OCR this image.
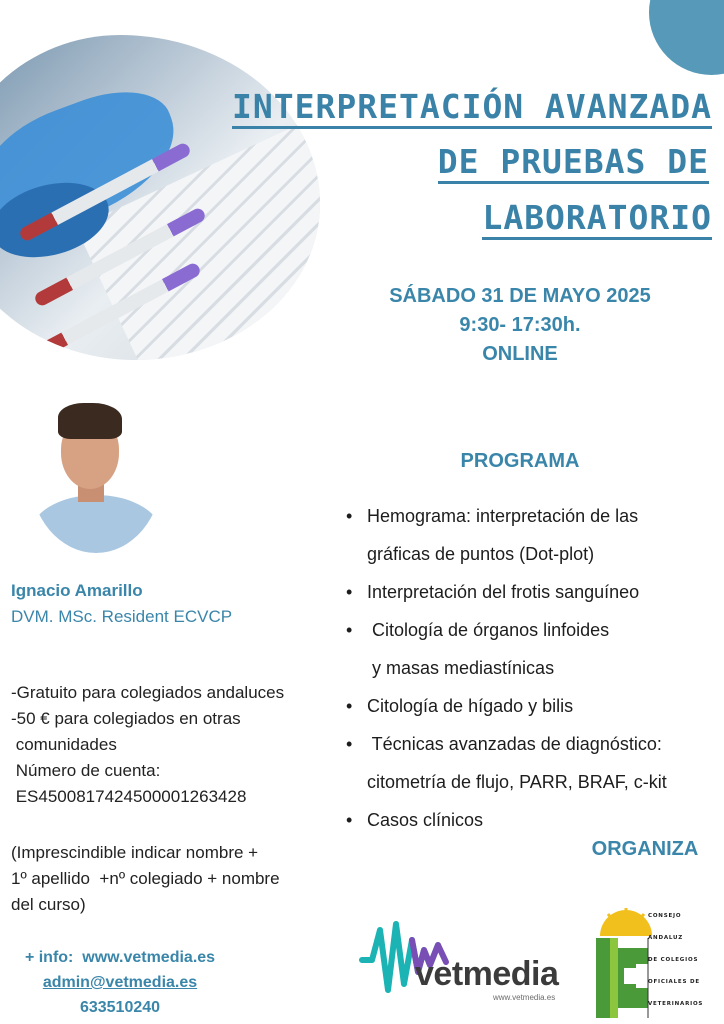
INTERPRETACIÓN AVANZADA
DE PRUEBAS DE
LABORATORIO
SÁBADO 31 DE MAYO 2025
9:30- 17:30h.
ONLINE
Ignacio Amarillo
DVM. MSc. Resident ECVCP
-Gratuito para colegiados andaluces
-50 € para colegiados en otras
comunidades
Número de cuenta:
ES4500817424500001263428
(Imprescindible indicar nombre +
1º apellido  +nº colegiado + nombre
del curso)
+ info:  www.vetmedia.es
admin@vetmedia.es
633510240
PROGRAMA
• Hemograma: interpretación de las
gráficas de puntos (Dot-plot)
• Interpretación del frotis sanguíneo
•  Citología de órganos linfoides
y masas mediastínicas
• Citología de hígado y bilis
•  Técnicas avanzadas de diagnóstico:
citometría de flujo, PARR, BRAF, c-kit
• Casos clínicos
ORGANIZA
vetmedia
www.vetmedia.es
CONSEJO
ANDALUZ
DE COLEGIOS
OFICIALES DE
VETERINARIOS
